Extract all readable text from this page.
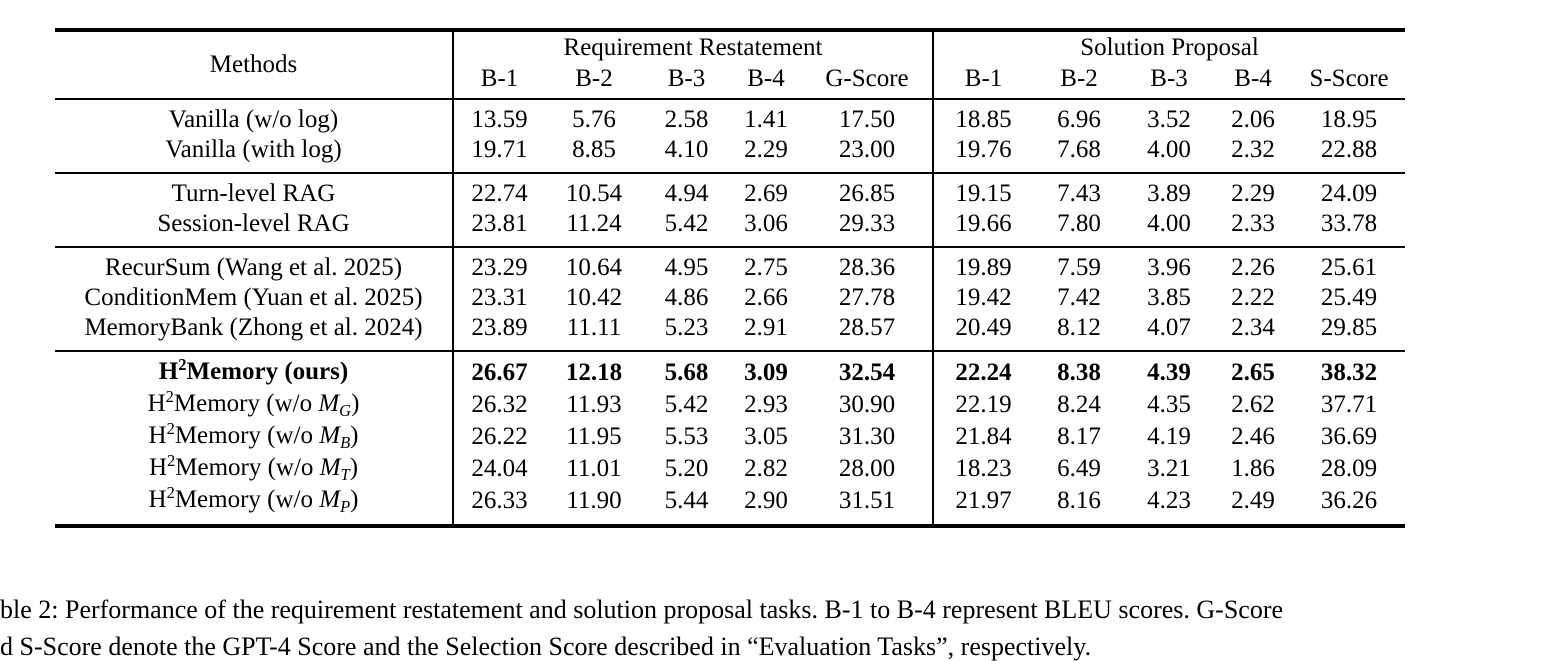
Methods	Requirement Restatement					Solution Proposal				
	B-1	B-2	B-3	B-4	G-Score	B-1	B-2	B-3	B-4	S-Score
Vanilla (w/o log)	13.59	5.76	2.58	1.41	17.50	18.85	6.96	3.52	2.06	18.95
Vanilla (with log)	19.71	8.85	4.10	2.29	23.00	19.76	7.68	4.00	2.32	22.88
Turn-level RAG	22.74	10.54	4.94	2.69	26.85	19.15	7.43	3.89	2.29	24.09
Session-level RAG	23.81	11.24	5.42	3.06	29.33	19.66	7.80	4.00	2.33	33.78
RecurSum (Wang et al. 2025)	23.29	10.64	4.95	2.75	28.36	19.89	7.59	3.96	2.26	25.61
ConditionMem (Yuan et al. 2025)	23.31	10.42	4.86	2.66	27.78	19.42	7.42	3.85	2.22	25.49
MemoryBank (Zhong et al. 2024)	23.89	11.11	5.23	2.91	28.57	20.49	8.12	4.07	2.34	29.85
$H^2Memory$ (ours)	26.67	12.18	5.68	3.09	32.54	22.24	8.38	4.39	2.65	38.32
$H^2Memory$ (w/o MG)	26.32	11.93	5.42	2.93	30.90	22.19	8.24	4.35	2.62	37.71
$H^2Memory$ (w/o MB)	26.22	11.95	5.53	3.05	31.30	21.84	8.17	4.19	2.46	36.69
$H^2Memory$ (w/o MT)	24.04	11.01	5.20	2.82	28.00	18.23	6.49	3.21	1.86	28.09
$H^2Memory$ (w/o MP)	26.33	11.90	5.44	2.90	31.51	21.97	8.16	4.23	2.49	36.26
ble 2: Performance of the requirement restatement and solution proposal tasks. B-1 to B-4 represent BLEU scores. G-Score
d S-Score denote the GPT-4 Score and the Selection Score described in “Evaluation Tasks”, respectively.
